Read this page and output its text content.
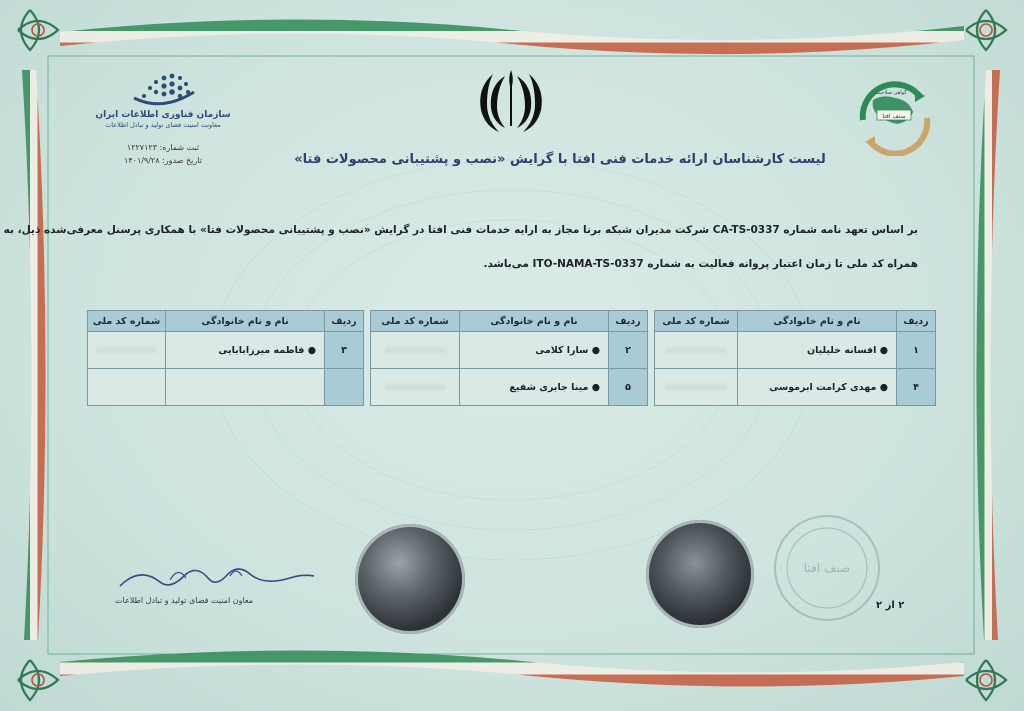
سازمان فناوری اطلاعات ایران
معاونت امنیت فضای تولید و تبادل اطلاعات
ثبت شماره: ۱۲۲۷۱۲۳
تاریخ صدور: ۱۴۰۱/۹/۲۸
صنف افتا
گواهی صلاحیت
لیست کارشناسان ارائه خدمات فنی افتا با گرایش «نصب و پشتیبانی محصولات فتا»
بر اساس تعهد نامه شماره CA-TS-0337 شرکت مدیران شبکه برنا مجاز به ارایه خدمات فنی افتا در گرایش «نصب و پشتیبانی محصولات فتا» با همکاری پرسنل معرفی‌شده ذیل، به
همراه کد ملی تا زمان اعتبار پروانه فعالیت به شماره ITO-NAMA-TS-0337 می‌باشد.
ردیف	نام و نام خانوادگی	شماره کد ملی
۱	● افسانه خلیلیان	۰۰۰۰۰۰۰۰۰۰
۴	● مهدی کرامت ابرموسی	۰۰۰۰۰۰۰۰۰۰
ردیف	نام و نام خانوادگی	شماره کد ملی
۲	● سارا کلامی	۰۰۰۰۰۰۰۰۰۰
۵	● مینا جابری شفیع	۰۰۰۰۰۰۰۰۰۰
ردیف	نام و نام خانوادگی	شماره کد ملی
۳	● فاطمه میرزابابایی	۰۰۰۰۰۰۰۰۰۰

صنف افتا
معاون امنیت فضای تولید و تبادل اطلاعات	۲ از ۲
